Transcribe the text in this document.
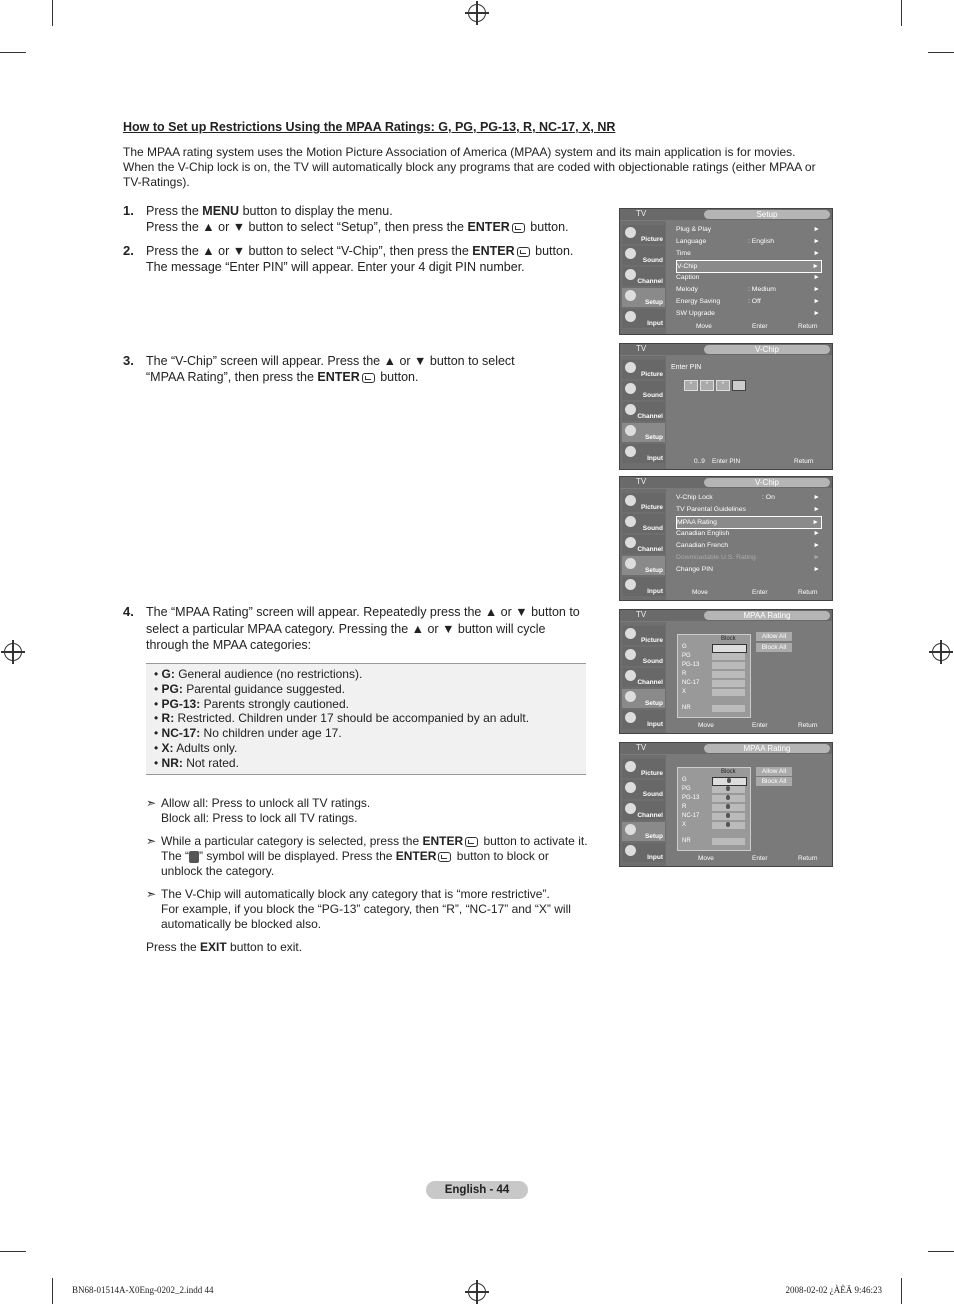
How to Set up Restrictions Using the MPAA Ratings: G, PG, PG-13, R, NC-17, X, NR
The MPAA rating system uses the Motion Picture Association of America (MPAA) system and its main application is for movies. When the V-Chip lock is on, the TV will automatically block any programs that are coded with objectionable ratings (either MPAA or TV-Ratings).
1. Press the MENU button to display the menu.
Press the ▲ or ▼ button to select “Setup”, then press the ENTER button.
2. Press the ▲ or ▼ button to select “V-Chip”, then press the ENTER button.
The message “Enter PIN” will appear. Enter your 4 digit PIN number.
3. The “V-Chip” screen will appear. Press the ▲ or ▼ button to select
“MPAA Rating”, then press the ENTER button.
4. The “MPAA Rating” screen will appear. Repeatedly press the ▲ or ▼ button to select a particular MPAA category. Pressing the ▲ or ▼ button will cycle through the MPAA categories:
• G: General audience (no restrictions).
• PG: Parental guidance suggested.
• PG-13: Parents strongly cautioned.
• R: Restricted. Children under 17 should be accompanied by an adult.
• NC-17: No children under age 17.
• X: Adults only.
• NR: Not rated.
➣ Allow all: Press to unlock all TV ratings.
Block all: Press to lock all TV ratings.
➣ While a particular category is selected, press the ENTER button to activate it.
The “ ” symbol will be displayed. Press the ENTER button to block or
unblock the category.
➣ The V-Chip will automatically block any category that is “more restrictive”.
For example, if you block the “PG-13” category, then “R”, “NC-17” and “X” will
automatically be blocked also.
Press the EXIT button to exit.
TV	Setup
Picture
Sound
Channel
Setup
Input
Plug & Play	►
Language	: English	►
Time	►
V-Chip	►
Caption	►
Melody	: Medium	►
Energy Saving	: Off	►
SW Upgrade	►
Move	Enter	Return
TV	V-Chip
Picture
Sound
Channel
Setup
Input
Enter PIN
*	*	*
0..9 Enter PIN	Return
TV	V-Chip
Picture
Sound
Channel
Setup
Input
V-Chip Lock	: On	►
TV Parental Guidelines	►
MPAA Rating	►
Canadian English	►
Canadian French	►
Downloadable U.S. Rating	►
Change PIN	►
Move	Enter	Return
TV	MPAA Rating
Picture
Sound
Channel
Setup
Input
Block
G
PG
PG-13
R
NC-17
X
NR
Allow All
Block All
Move	Enter	Return
TV	MPAA Rating
Picture
Sound
Channel
Setup
Input
Block
G
PG
PG-13
R
NC-17
X
NR
Allow All
Block All
Move	Enter	Return
English - 44
BN68-01514A-X0Eng-0202_2.indd 44	2008-02-02 ¿ÀÈÄ 9:46:23
